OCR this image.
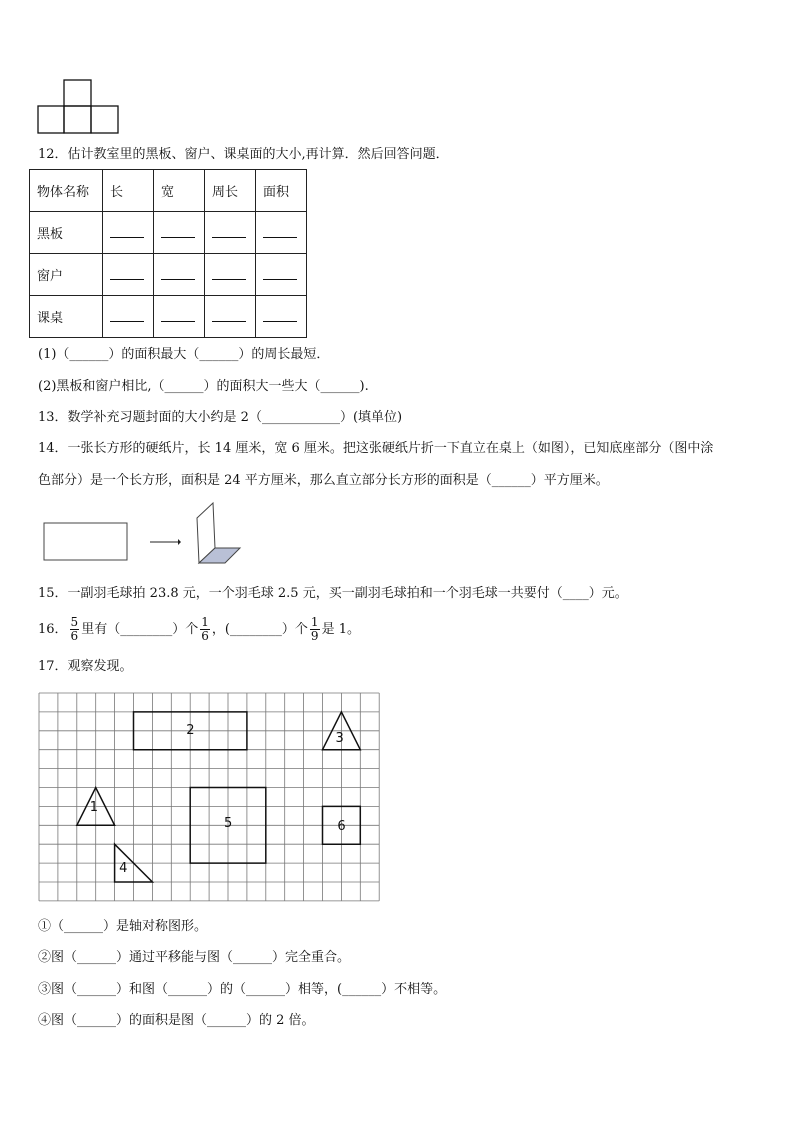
12．估计教室里的黑板、窗户、课桌面的大小,再计算．然后回答问题．
物体名称	长	宽	周长	面积
黑板				
窗户				
课桌				
(1)（______）的面积最大（______）的周长最短．
(2)黑板和窗户相比,（______）的面积大一些大（______).
13．数学补充习题封面的大小约是 2（____________）(填单位)
14．一张长方形的硬纸片，长 14 厘米，宽 6 厘米。把这张硬纸片折一下直立在桌上（如图），已知底座部分（图中涂
色部分）是一个长方形，面积是 24 平方厘米，那么直立部分长方形的面积是（______）平方厘米。
15．一副羽毛球拍 23.8 元，一个羽毛球 2.5 元，买一副羽毛球拍和一个羽毛球一共要付（____）元。
16． $\frac{5}{6}$ 里有（________）个 $\frac{1}{6}$ ，(________）个 $\frac{1}{9}$ 是 1。
17．观察发现。
1
2
3
4
5	6
①（______）是轴对称图形。
②图（______）通过平移能与图（______）完全重合。
③图（______）和图（______）的（______）相等，(______）不相等。
④图（______）的面积是图（______）的 2 倍。
